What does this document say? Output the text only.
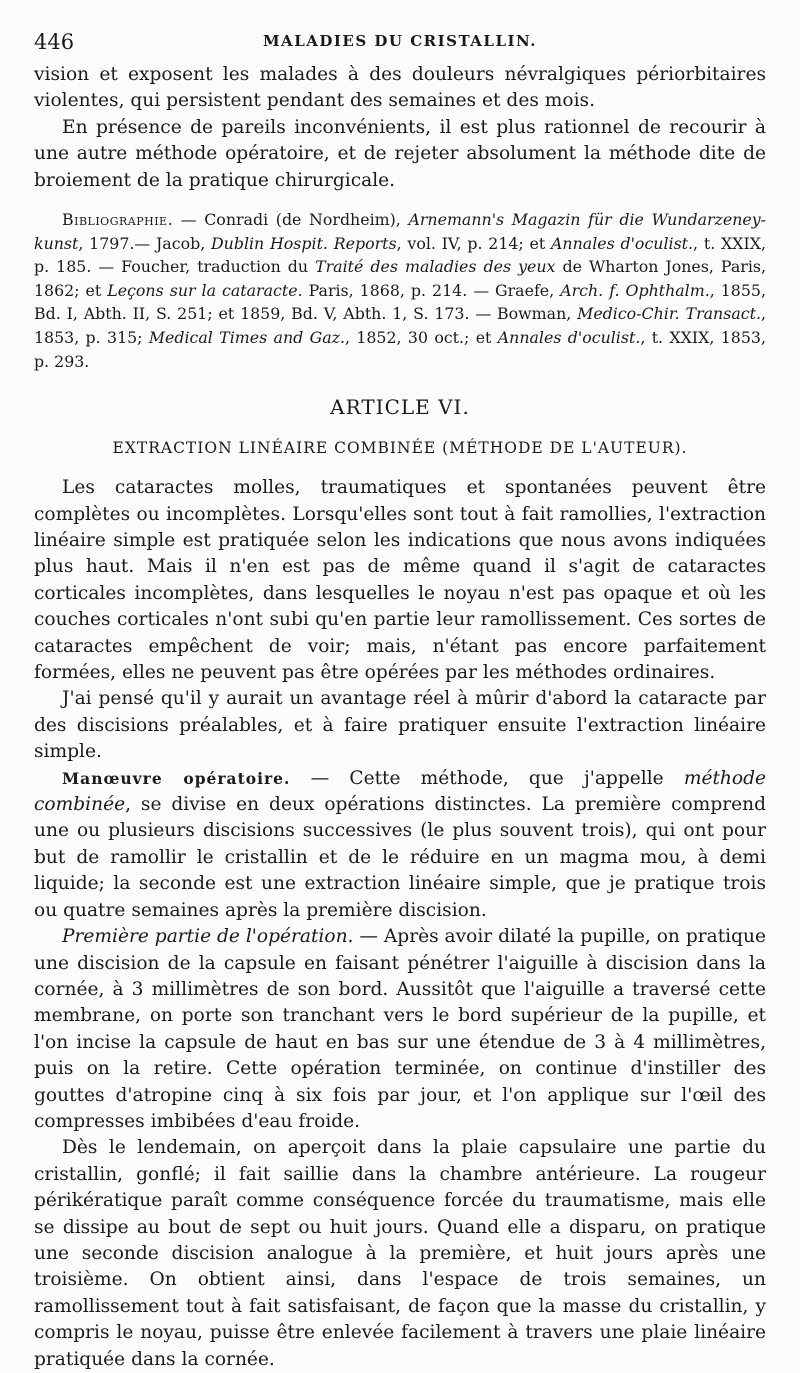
446	MALADIES DU CRISTALLIN.

vision et exposent les malades à des douleurs névralgiques périorbitaires violentes, qui persistent pendant des semaines et des mois.

En présence de pareils inconvénients, il est plus rationnel de recourir à une autre méthode opératoire, et de rejeter absolument la méthode dite de broiement de la pratique chirurgicale.

Bibliographie. — Conradi (de Nordheim), Arnemann's Magazin für die Wundarzeney-kunst, 1797.— Jacob, Dublin Hospit. Reports, vol. IV, p. 214; et Annales d'oculist., t. XXIX, p. 185. — Foucher, traduction du Traité des maladies des yeux de Wharton Jones, Paris, 1862; et Leçons sur la cataracte. Paris, 1868, p. 214. — Graefe, Arch. f. Ophthalm., 1855, Bd. I, Abth. II, S. 251; et 1859, Bd. V, Abth. 1, S. 173. — Bowman, Medico-Chir. Transact., 1853, p. 315; Medical Times and Gaz., 1852, 30 oct.; et Annales d'oculist., t. XXIX, 1853, p. 293.

ARTICLE VI.
EXTRACTION LINÉAIRE COMBINÉE (MÉTHODE DE L'AUTEUR).

Les cataractes molles, traumatiques et spontanées peuvent être complètes ou incomplètes. Lorsqu'elles sont tout à fait ramollies, l'extraction linéaire simple est pratiquée selon les indications que nous avons indiquées plus haut. Mais il n'en est pas de même quand il s'agit de cataractes corticales incomplètes, dans lesquelles le noyau n'est pas opaque et où les couches corticales n'ont subi qu'en partie leur ramollissement. Ces sortes de cataractes empêchent de voir; mais, n'étant pas encore parfaitement formées, elles ne peuvent pas être opérées par les méthodes ordinaires.

J'ai pensé qu'il y aurait un avantage réel à mûrir d'abord la cataracte par des discisions préalables, et à faire pratiquer ensuite l'extraction linéaire simple.

Manœuvre opératoire. — Cette méthode, que j'appelle méthode combinée, se divise en deux opérations distinctes. La première comprend une ou plusieurs discisions successives (le plus souvent trois), qui ont pour but de ramollir le cristallin et de le réduire en un magma mou, à demi liquide; la seconde est une extraction linéaire simple, que je pratique trois ou quatre semaines après la première discision.

Première partie de l'opération. — Après avoir dilaté la pupille, on pratique une discision de la capsule en faisant pénétrer l'aiguille à discision dans la cornée, à 3 millimètres de son bord. Aussitôt que l'aiguille a traversé cette membrane, on porte son tranchant vers le bord supérieur de la pupille, et l'on incise la capsule de haut en bas sur une étendue de 3 à 4 millimètres, puis on la retire. Cette opération terminée, on continue d'instiller des gouttes d'atropine cinq à six fois par jour, et l'on applique sur l'œil des compresses imbibées d'eau froide.

Dès le lendemain, on aperçoit dans la plaie capsulaire une partie du cristallin, gonflé; il fait saillie dans la chambre antérieure. La rougeur périkératique paraît comme conséquence forcée du traumatisme, mais elle se dissipe au bout de sept ou huit jours. Quand elle a disparu, on pratique une seconde discision analogue à la première, et huit jours après une troisième. On obtient ainsi, dans l'espace de trois semaines, un ramollissement tout à fait satisfaisant, de façon que la masse du cristallin, y compris le noyau, puisse être enlevée facilement à travers une plaie linéaire pratiquée dans la cornée.
